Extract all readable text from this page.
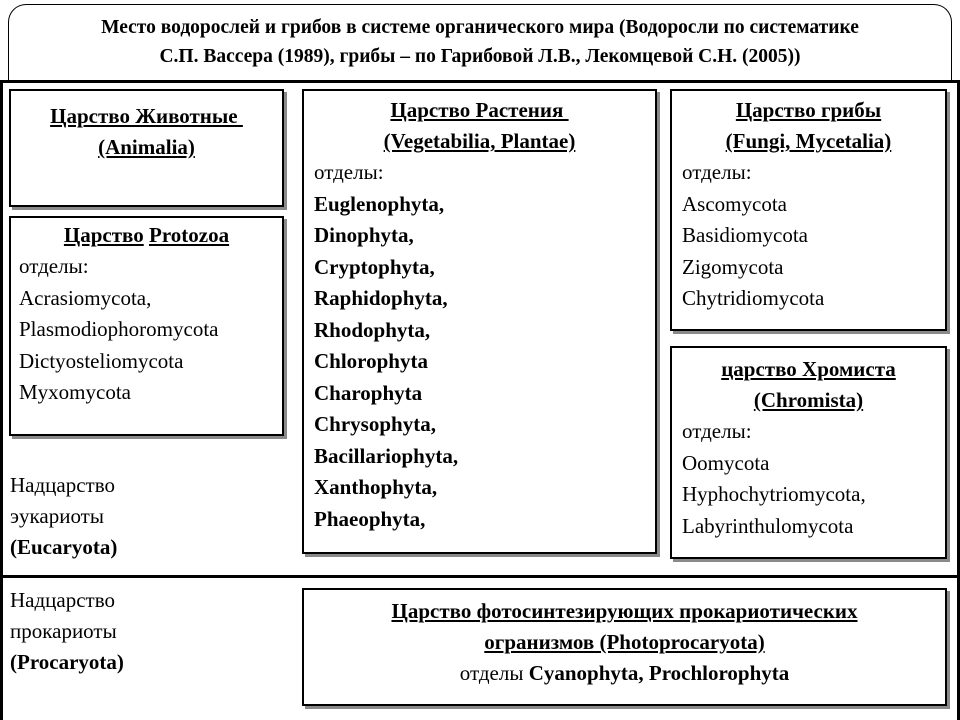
Место водорослей и грибов в системе органического мира (Водоросли по систематике
С.П. Вассера (1989), грибы – по Гарибовой Л.В., Лекомцевой С.Н. (2005))
Царство Животные
(Animalia)
Царство Protozoa
отделы:
Acrasiomycota,
Plasmodiophoromycota
Dictyosteliomycota
Myxomycota
Царство Растения
(Vegetabilia, Plantae)
отделы:
Euglenophyta,
Dinophyta,
Cryptophyta,
Raphidophyta,
Rhodophyta,
Chlorophyta
Charophyta
Chrysophyta,
Bacillariophyta,
Xanthophyta,
Phaeophyta,
Царство грибы
(Fungi, Mycetalia)
отделы:
Ascomycota
Basidiomycota
Zigomycota
Chytridiomycota
царство Хромиста
(Chromista)
отделы:
Oomycota
Hyphochytriomycota,
Labyrinthulomycota
Надцарство
эукариоты
(Eucaryota)
Надцарство
прокариоты
(Procaryota)
Царство фотосинтезирующих прокариотических
огранизмов (Photoprocaryota)
отделы Cyanophyta, Prochlorophyta
